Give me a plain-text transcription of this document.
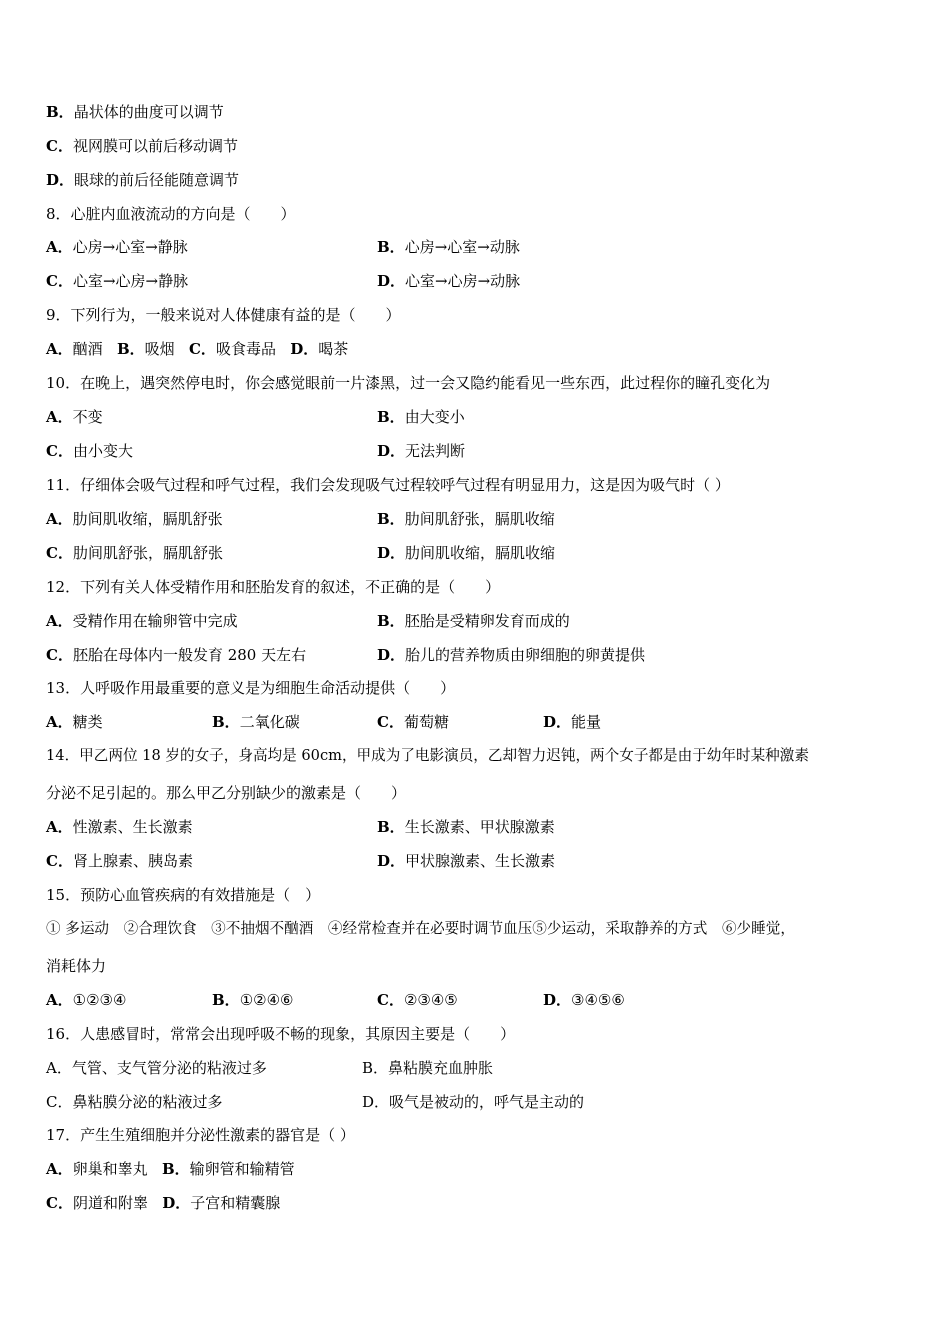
B．晶状体的曲度可以调节
C．视网膜可以前后移动调节
D．眼球的前后径能随意调节
8．心脏内血液流动的方向是（　　）
A．心房→心室→静脉	B．心房→心室→动脉
C．心室→心房→静脉	D．心室→心房→动脉
9．下列行为，一般来说对人体健康有益的是（　　）
A．酗酒 B．吸烟 C．吸食毒品 D．喝茶
10．在晚上，遇突然停电时，你会感觉眼前一片漆黑，过一会又隐约能看见一些东西，此过程你的瞳孔变化为
A．不变	B．由大变小
C．由小变大	D．无法判断
11．仔细体会吸气过程和呼气过程，我们会发现吸气过程较呼气过程有明显用力，这是因为吸气时（ ）
A．肋间肌收缩，膈肌舒张	B．肋间肌舒张，膈肌收缩
C．肋间肌舒张，膈肌舒张	D．肋间肌收缩，膈肌收缩
12．下列有关人体受精作用和胚胎发育的叙述，不正确的是（　　）
A．受精作用在输卵管中完成	B．胚胎是受精卵发育而成的
C．胚胎在母体内一般发育 280 天左右	D．胎儿的营养物质由卵细胞的卵黄提供
13．人呼吸作用最重要的意义是为细胞生命活动提供（　　）
A．糖类	B．二氧化碳	C．葡萄糖	D．能量
14．甲乙两位 18 岁的女子，身高均是 60cm，甲成为了电影演员，乙却智力迟钝，两个女子都是由于幼年时某种激素
分泌不足引起的。那么甲乙分别缺少的激素是（　　）
A．性激素、生长激素	B．生长激素、甲状腺激素
C．肾上腺素、胰岛素	D．甲状腺激素、生长激素
15．预防心血管疾病的有效措施是（　）
① 多运动　②合理饮食　③不抽烟不酗酒　④经常检查并在必要时调节血压⑤少运动，采取静养的方式　⑥少睡觉，
消耗体力
A．①②③④	B．①②④⑥	C．②③④⑤	D．③④⑤⑥
16．人患感冒时，常常会出现呼吸不畅的现象，其原因主要是（　　）
A．气管、支气管分泌的粘液过多	B．鼻粘膜充血肿胀
C．鼻粘膜分泌的粘液过多	D．吸气是被动的，呼气是主动的
17．产生生殖细胞并分泌性激素的器官是（ ）
A．卵巢和睾丸 B．输卵管和输精管
C．阴道和附睾 D．子宫和精囊腺
